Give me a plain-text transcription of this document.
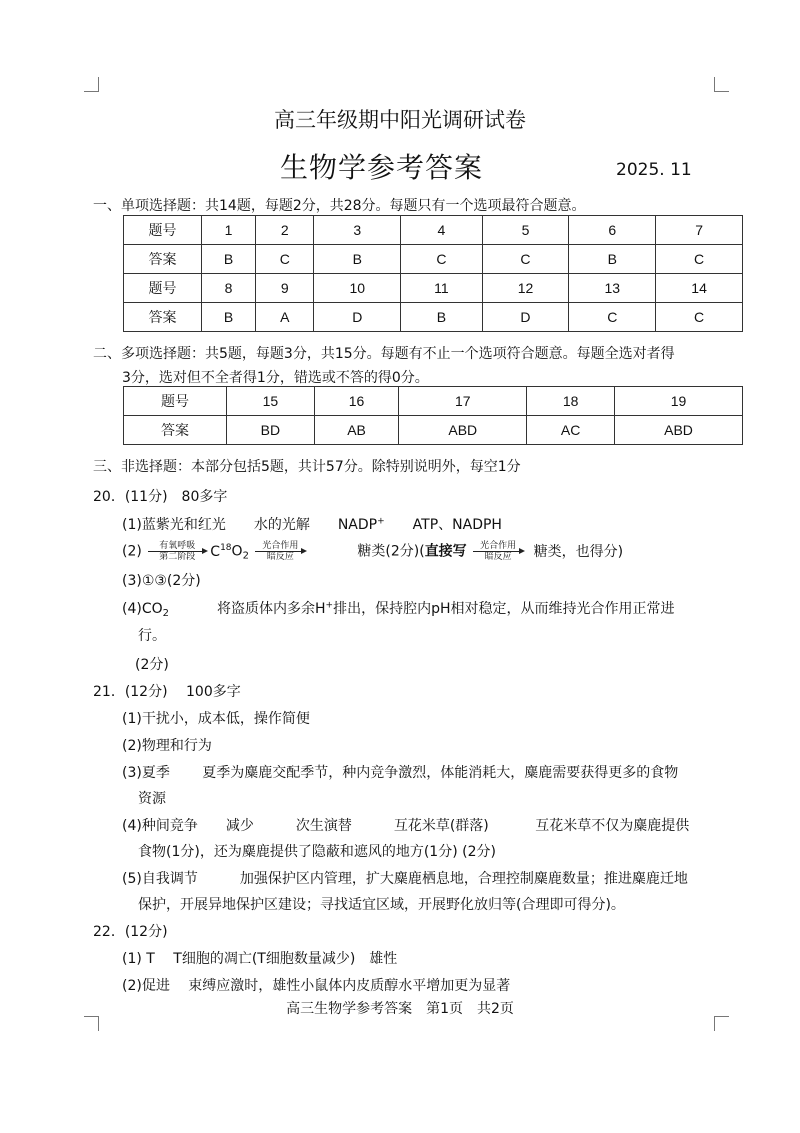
高三年级期中阳光调研试卷
生物学参考答案	2025. 11
一、单项选择题：共14题，每题2分，共28分。每题只有一个选项最符合题意。
题号	1	2	3	4	5	6	7
答案	B	C	B	C	C	B	C
题号	8	9	10	11	12	13	14
答案	B	A	D	B	D	C	C
二、多项选择题：共5题，每题3分，共15分。每题有不止一个选项符合题意。每题全选对者得
3分，选对但不全者得1分，错选或不答的得0分。
题号	15	16	17	18	19
答案	BD	AB	ABD	AC	ABD
三、非选择题：本部分包括5题，共计57分。除特别说明外，每空1分
20．(11分)　80多字
(1)蓝紫光和红光　　水的光解　　NADP+　　ATP、NADPH
(2)	有氧呼吸
第二阶段	$C^{18}O_2$
光合作用
暗反应	糖类(2分)(直接写	光合作用
暗反应	糖类，也得分)
(3)①③(2分)
$(4)CO_2$	将盗质体内多余H+排出，保持腔内pH相对稳定，从而维持光合作用正常进
行。
(2分)
21．(12分)　 100多字
(1)干扰小，成本低，操作简便
(2)物理和行为
(3)夏季　　 夏季为麋鹿交配季节，种内竞争激烈，体能消耗大，麋鹿需要获得更多的食物
资源
(4)种间竞争　　减少　　　次生演替　　　互花米草(群落)　　　 互花米草不仅为麋鹿提供
食物(1分)，还为麋鹿提供了隐蔽和遮风的地方(1分) (2分)
(5)自我调节　　　加强保护区内管理，扩大麋鹿栖息地，合理控制麋鹿数量；推进麋鹿迁地
保护，开展异地保护区建设；寻找适宜区域，开展野化放归等(合理即可得分)。
22．(12分)
(1) T　 T细胞的凋亡(T细胞数量减少)　雄性
(2)促进　 束缚应激时，雄性小鼠体内皮质醇水平增加更为显著
高三生物学参考答案　第1页　共2页
